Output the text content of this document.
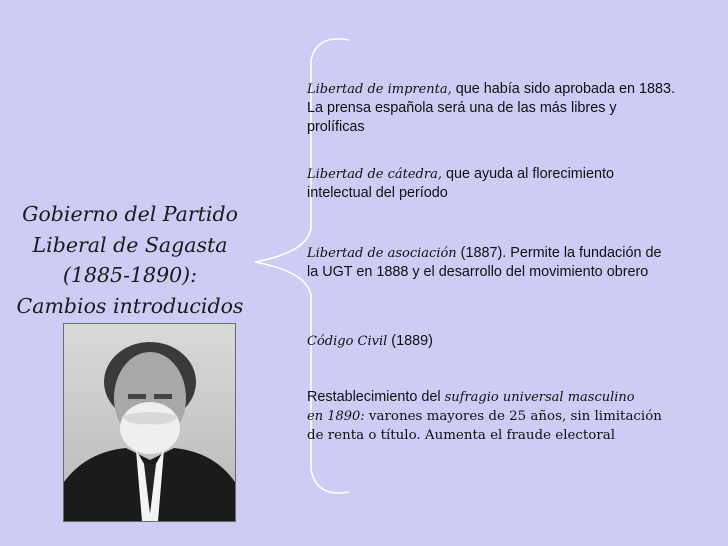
Gobierno del Partido
Liberal de Sagasta
(1885-1890):
Cambios introducidos
Libertad de imprenta, que había sido aprobada en 1883.
La prensa española será una de las más libres y
prolíficas
Libertad de cátedra, que ayuda al florecimiento
intelectual del período
Libertad de asociación (1887). Permite la fundación de
la UGT en 1888 y el desarrollo del movimiento obrero
Código Civil (1889)
Restablecimiento del sufragio universal masculino
en 1890: varones mayores de 25 años, sin limitación
de renta o título. Aumenta el fraude electoral
